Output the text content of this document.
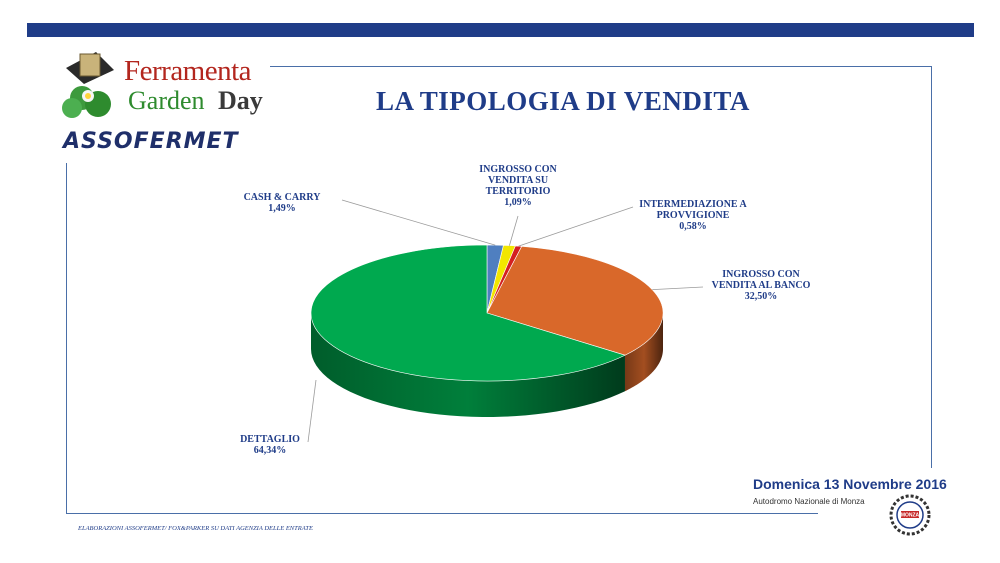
Ferramenta
Garden Day
ASSOFERMET
LA TIPOLOGIA DI VENDITA
CASH & CARRY
1,49%
INGROSSO CON
VENDITA SU
TERRITORIO
1,09%	INTERMEDIAZIONE A
PROVVIGIONE
0,58%
INGROSSO CON
VENDITA AL BANCO
32,50%
DETTAGLIO
64,34%
Domenica 13 Novembre 2016
Autodromo Nazionale di Monza
MONZA
ELABORAZIONI ASSOFERMET/ FOX&PARKER SU DATI AGENZIA DELLE ENTRATE
